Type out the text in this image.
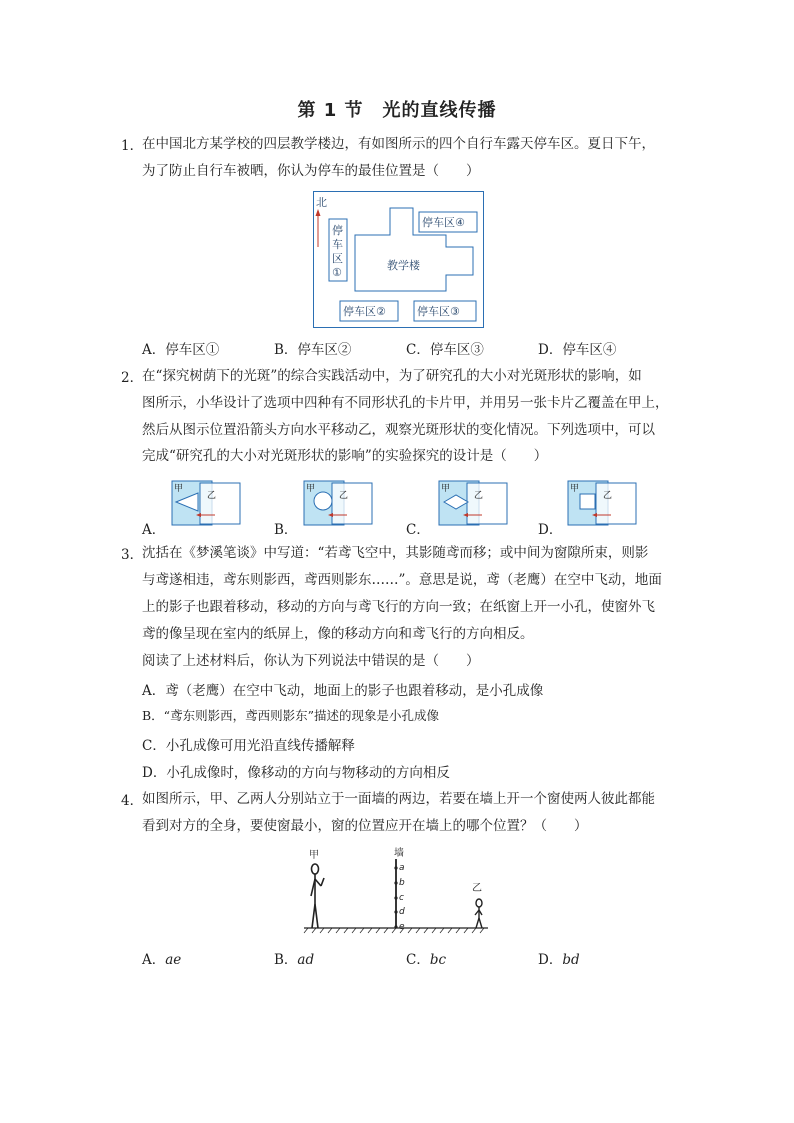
第 1 节　光的直线传播
1．
在中国北方某学校的四层教学楼边，有如图所示的四个自行车露天停车区。夏日下午，
为了防止自行车被晒，你认为停车的最佳位置是（　　）
北
停
车
区
①
教学楼
停车区④
停车区②	停车区③
A．停车区①	B．停车区②	C．停车区③	D．停车区④
2．
在“探究树荫下的光斑”的综合实践活动中，为了研究孔的大小对光斑形状的影响，如
图所示，小华设计了选项中四种有不同形状孔的卡片甲，并用另一张卡片乙覆盖在甲上，
然后从图示位置沿箭头方向水平移动乙，观察光斑形状的变化情况。下列选项中，可以
完成“研究孔的大小对光斑形状的影响”的实验探究的设计是（　　）
A．
甲
乙
B．
甲
乙
C．
甲
乙
D．
甲
乙
3．
沈括在《梦溪笔谈》中写道：“若鸢飞空中，其影随鸢而移；或中间为窗隙所束，则影
与鸢遂相违，鸢东则影西，鸢西则影东……”。意思是说，鸢（老鹰）在空中飞动，地面
上的影子也跟着移动，移动的方向与鸢飞行的方向一致；在纸窗上开一小孔，使窗外飞
鸢的像呈现在室内的纸屏上，像的移动方向和鸢飞行的方向相反。
阅读了上述材料后，你认为下列说法中错误的是（　　）
A．鸢（老鹰）在空中飞动，地面上的影子也跟着移动，是小孔成像
B．“鸢东则影西，鸢西则影东”描述的现象是小孔成像
C．小孔成像可用光沿直线传播解释
D．小孔成像时，像移动的方向与物移动的方向相反
4．
如图所示，甲、乙两人分别站立于一面墙的两边，若要在墙上开一个窗使两人彼此都能
看到对方的全身，要使窗最小，窗的位置应开在墙上的哪个位置？（　　）
甲	墙
a
b
c
d
e
乙
A．ae	B．ad	C．bc	D．bd
